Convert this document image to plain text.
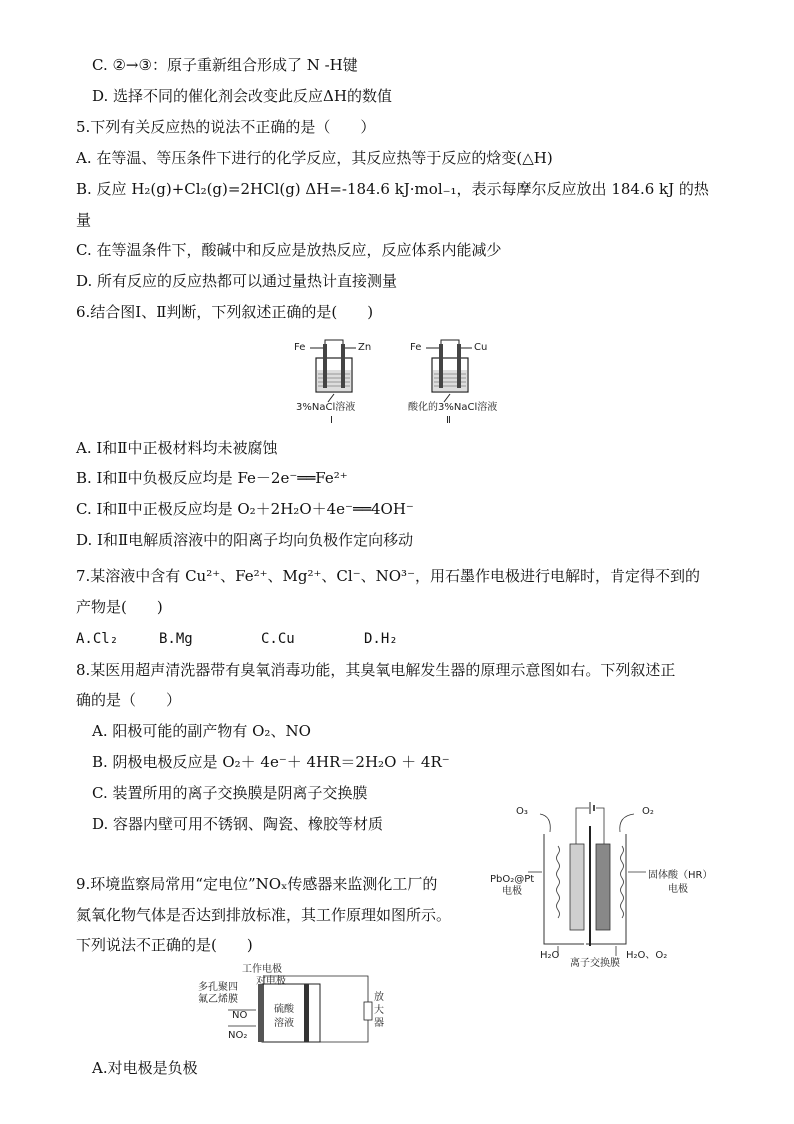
C. ②→③：原子重新组合形成了 N -H键
D. 选择不同的催化剂会改变此反应ΔH的数值
5.下列有关反应热的说法不正确的是（　　）
A. 在等温、等压条件下进行的化学反应，其反应热等于反应的焓变(△H)
B. 反应 H₂(g)+Cl₂(g)=2HCl(g) ΔH=-184.6 kJ·mol₋₁，表示每摩尔反应放出 184.6 kJ 的热
量
C. 在等温条件下，酸碱中和反应是放热反应，反应体系内能减少
D. 所有反应的反应热都可以通过量热计直接测量
6.结合图Ⅰ、Ⅱ判断，下列叙述正确的是(　　)
Fe	Zn
3%NaCl溶液
Ⅰ
Fe	Cu
酸化的3%NaCl溶液
Ⅱ
A. Ⅰ和Ⅱ中正极材料均未被腐蚀
B. Ⅰ和Ⅱ中负极反应均是 Fe－2e⁻══Fe²⁺
C. Ⅰ和Ⅱ中正极反应均是 O₂＋2H₂O＋4e⁻══4OH⁻
D. Ⅰ和Ⅱ电解质溶液中的阳离子均向负极作定向移动
7.某溶液中含有 Cu²⁺、Fe²⁺、Mg²⁺、Cl⁻、NO³⁻，用石墨作电极进行电解时，肯定得不到的
产物是(　　)
A.Cl₂	B.Mg	C.Cu	D.H₂
8.某医用超声清洗器带有臭氧消毒功能，其臭氧电解发生器的原理示意图如右。下列叙述正
确的是（　　）
A. 阳极可能的副产物有 O₂、NO
B. 阴极电极反应是 O₂＋ 4e⁻＋ 4HR＝2H₂O ＋ 4R⁻
C. 装置所用的离子交换膜是阴离子交换膜
D. 容器内壁可用不锈钢、陶瓷、橡胶等材质
O₃	O₂
PbO₂@Pt
电极
固体酸（HR）
电极
H₂O	H₂O、O₂
离子交换膜
9.环境监察局常用“定电位”NOₓ传感器来监测化工厂的
氮氧化物气体是否达到排放标准，其工作原理如图所示。
下列说法不正确的是(　　)
工作电极
对电极
多孔聚四
氟乙烯膜
NO
NO₂
硫酸
溶液
放
大
器
A.对电极是负极
